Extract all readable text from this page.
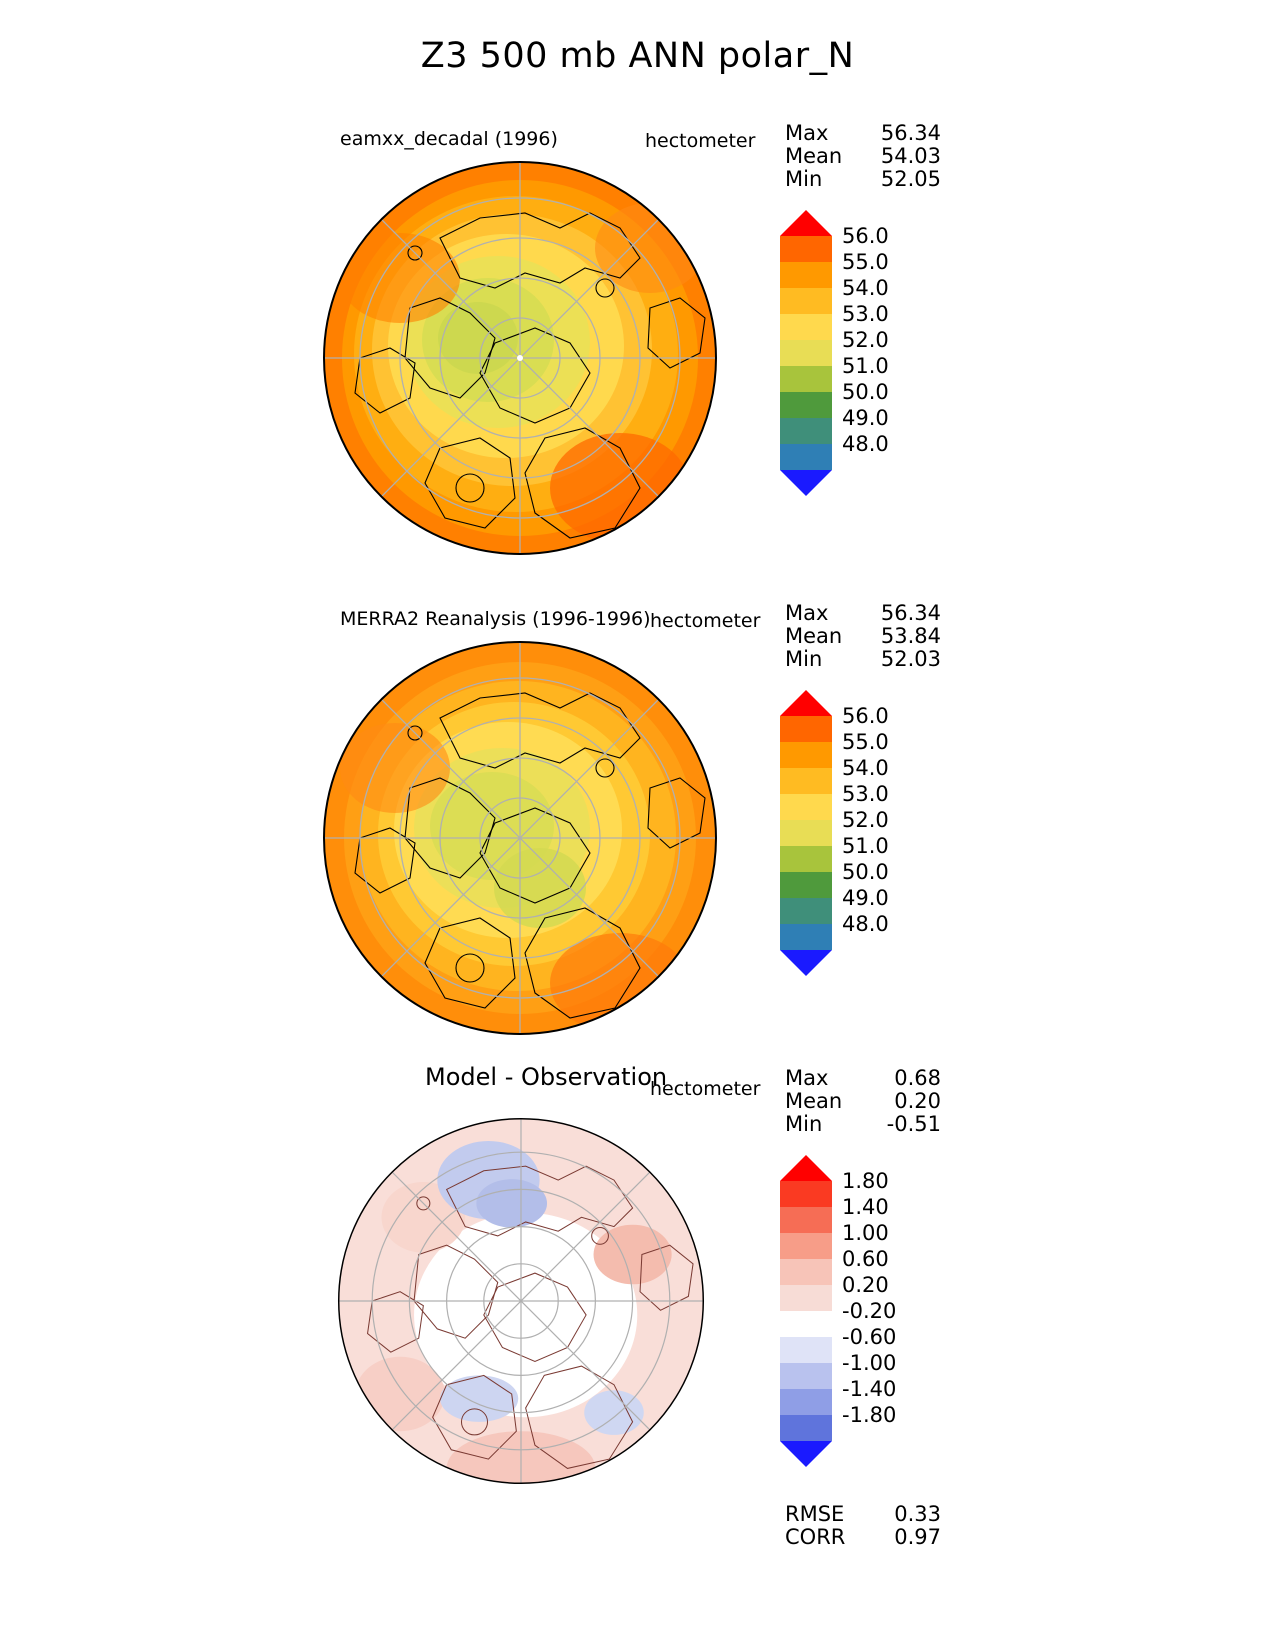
Z3 500 mb ANN polar_N
eamxx_decadal (1996)	hectometer Max	56.34
Mean	54.03
Min	52.05
56.0
55.0
54.0
53.0
52.0
51.0
50.0
49.0
48.0
MERRA2 Reanalysis (1996-1996) hectometer Max	56.34
Mean	53.84
Min	52.03
56.0
55.0
54.0
53.0
52.0
51.0
50.0
49.0
48.0
Model - Observation
hectometer Max	0.68
Mean	0.20
Min	-0.51
1.80
1.40
1.00
0.60
0.20
-0.20
-0.60
-1.00
-1.40
-1.80
RMSE	0.33
CORR	0.97
